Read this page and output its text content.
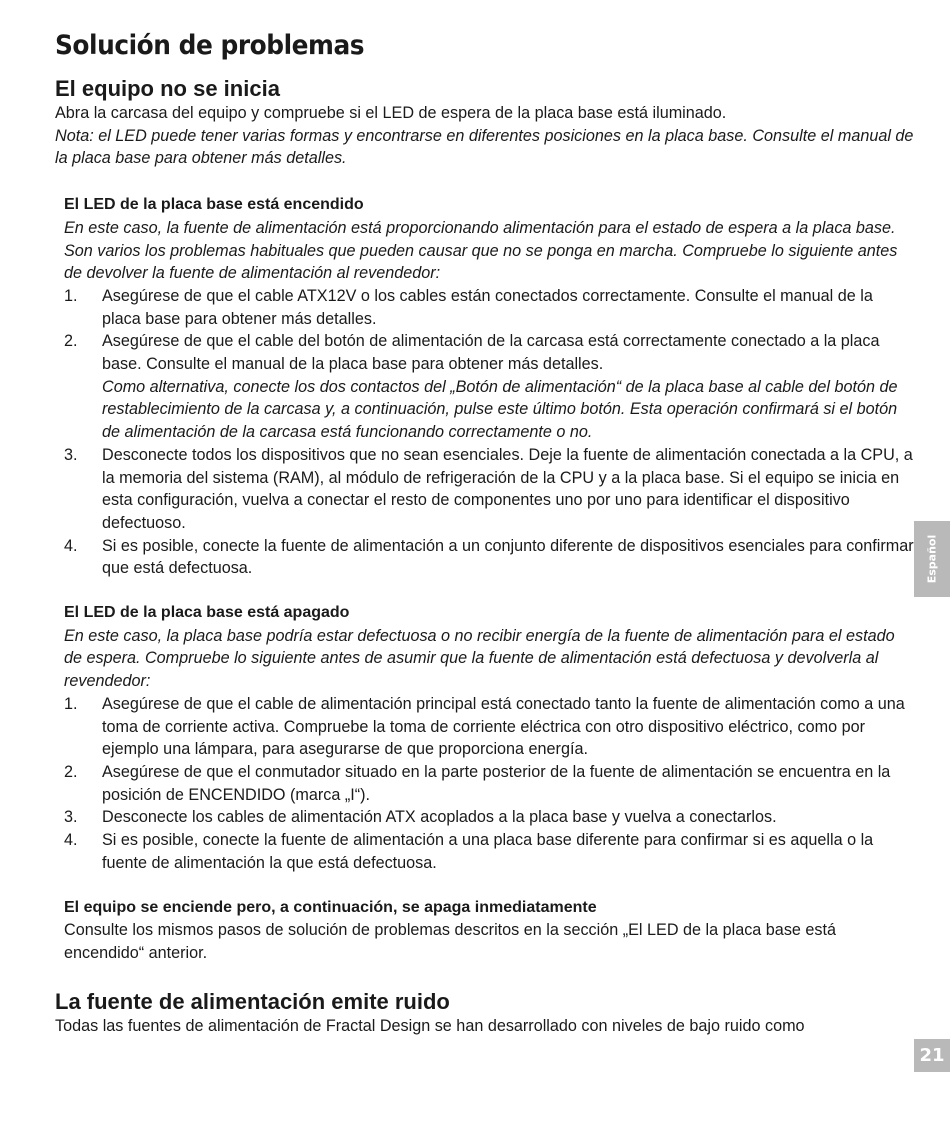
Solución de problemas
El equipo no se inicia

Abra la carcasa del equipo y compruebe si el LED de espera de la placa base está iluminado.

Nota: el LED puede tener varias formas y encontrarse en diferentes posiciones en la placa base. Consulte el manual de la placa base para obtener más detalles.

El LED de la placa base está encendido

En este caso, la fuente de alimentación está proporcionando alimentación para el estado de espera a la placa base. Son varios los problemas habituales que pueden causar que no se ponga en marcha. Compruebe lo siguiente antes de devolver la fuente de alimentación al revendedor:

1. Asegúrese de que el cable ATX12V o los cables están conectados correctamente. Consulte el manual de la placa base para obtener más detalles.
2. Asegúrese de que el cable del botón de alimentación de la carcasa está correctamente conectado a la placa base. Consulte el manual de la placa base para obtener más detalles.
Como alternativa, conecte los dos contactos del „Botón de alimentación“ de la placa base al cable del botón de restablecimiento de la carcasa y, a continuación, pulse este último botón. Esta operación confirmará si el botón de alimentación de la carcasa está funcionando correctamente o no.
3. Desconecte todos los dispositivos que no sean esenciales. Deje la fuente de alimentación conectada a la CPU, a la memoria del sistema (RAM), al módulo de refrigeración de la CPU y a la placa base. Si el equipo se inicia en esta configuración, vuelva a conectar el resto de componentes uno por uno para identificar el dispositivo defectuoso.
4. Si es posible, conecte la fuente de alimentación a un conjunto diferente de dispositivos esenciales para confirmar que está defectuosa.
El LED de la placa base está apagado

En este caso, la placa base podría estar defectuosa o no recibir energía de la fuente de alimentación para el estado de espera. Compruebe lo siguiente antes de asumir que la fuente de alimentación está defectuosa y devolverla al revendedor:

1. Asegúrese de que el cable de alimentación principal está conectado tanto la fuente de alimentación como a una toma de corriente activa. Compruebe la toma de corriente eléctrica con otro dispositivo eléctrico, como por ejemplo una lámpara, para asegurarse de que proporciona energía.
2. Asegúrese de que el conmutador situado en la parte posterior de la fuente de alimentación se encuentra en la posición de ENCENDIDO (marca „I“).
3. Desconecte los cables de alimentación ATX acoplados a la placa base y vuelva a conectarlos.
4. Si es posible, conecte la fuente de alimentación a una placa base diferente para confirmar si es aquella o la fuente de alimentación la que está defectuosa.
El equipo se enciende pero, a continuación, se apaga inmediatamente

Consulte los mismos pasos de solución de problemas descritos en la sección „El LED de la placa base está encendido“ anterior.

La fuente de alimentación emite ruido

Todas las fuentes de alimentación de Fractal Design se han desarrollado con niveles de bajo ruido como

Español
21
